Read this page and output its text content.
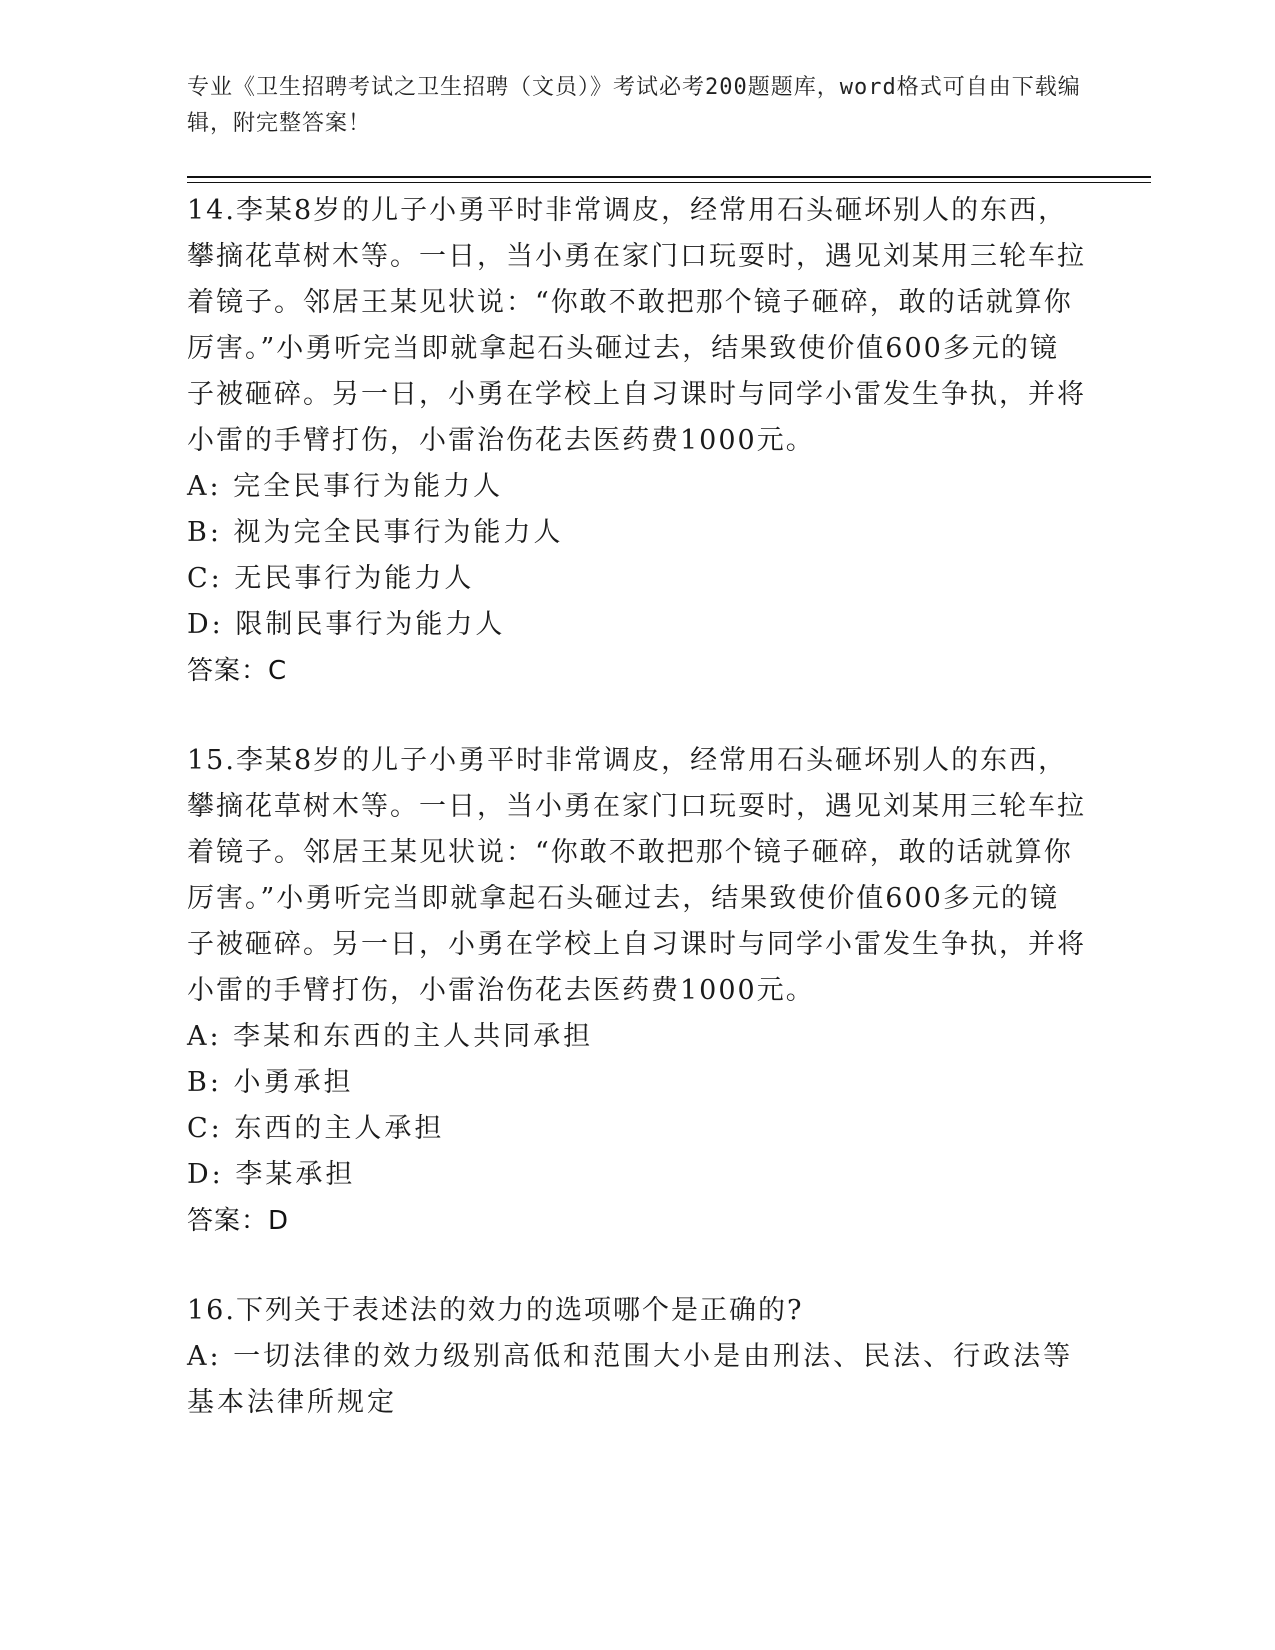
专业《卫生招聘考试之卫生招聘（文员）》考试必考200题题库，word格式可自由下载编辑，附完整答案！

14.李某8岁的儿子小勇平时非常调皮，经常用石头砸坏别人的东西，攀摘花草树木等。一日，当小勇在家门口玩耍时，遇见刘某用三轮车拉着镜子。邻居王某见状说：“你敢不敢把那个镜子砸碎，敢的话就算你厉害。”小勇听完当即就拿起石头砸过去，结果致使价值600多元的镜子被砸碎。另一日，小勇在学校上自习课时与同学小雷发生争执，并将小雷的手臂打伤，小雷治伤花去医药费1000元。

A: 完全民事行为能力人

B: 视为完全民事行为能力人

C: 无民事行为能力人

D: 限制民事行为能力人

答案：C

15.李某8岁的儿子小勇平时非常调皮，经常用石头砸坏别人的东西，攀摘花草树木等。一日，当小勇在家门口玩耍时，遇见刘某用三轮车拉着镜子。邻居王某见状说：“你敢不敢把那个镜子砸碎，敢的话就算你厉害。”小勇听完当即就拿起石头砸过去，结果致使价值600多元的镜子被砸碎。另一日，小勇在学校上自习课时与同学小雷发生争执，并将小雷的手臂打伤，小雷治伤花去医药费1000元。

A: 李某和东西的主人共同承担

B: 小勇承担

C: 东西的主人承担

D: 李某承担

答案：D

16.下列关于表述法的效力的选项哪个是正确的?

A: 一切法律的效力级别高低和范围大小是由刑法、民法、行政法等基本法律所规定
